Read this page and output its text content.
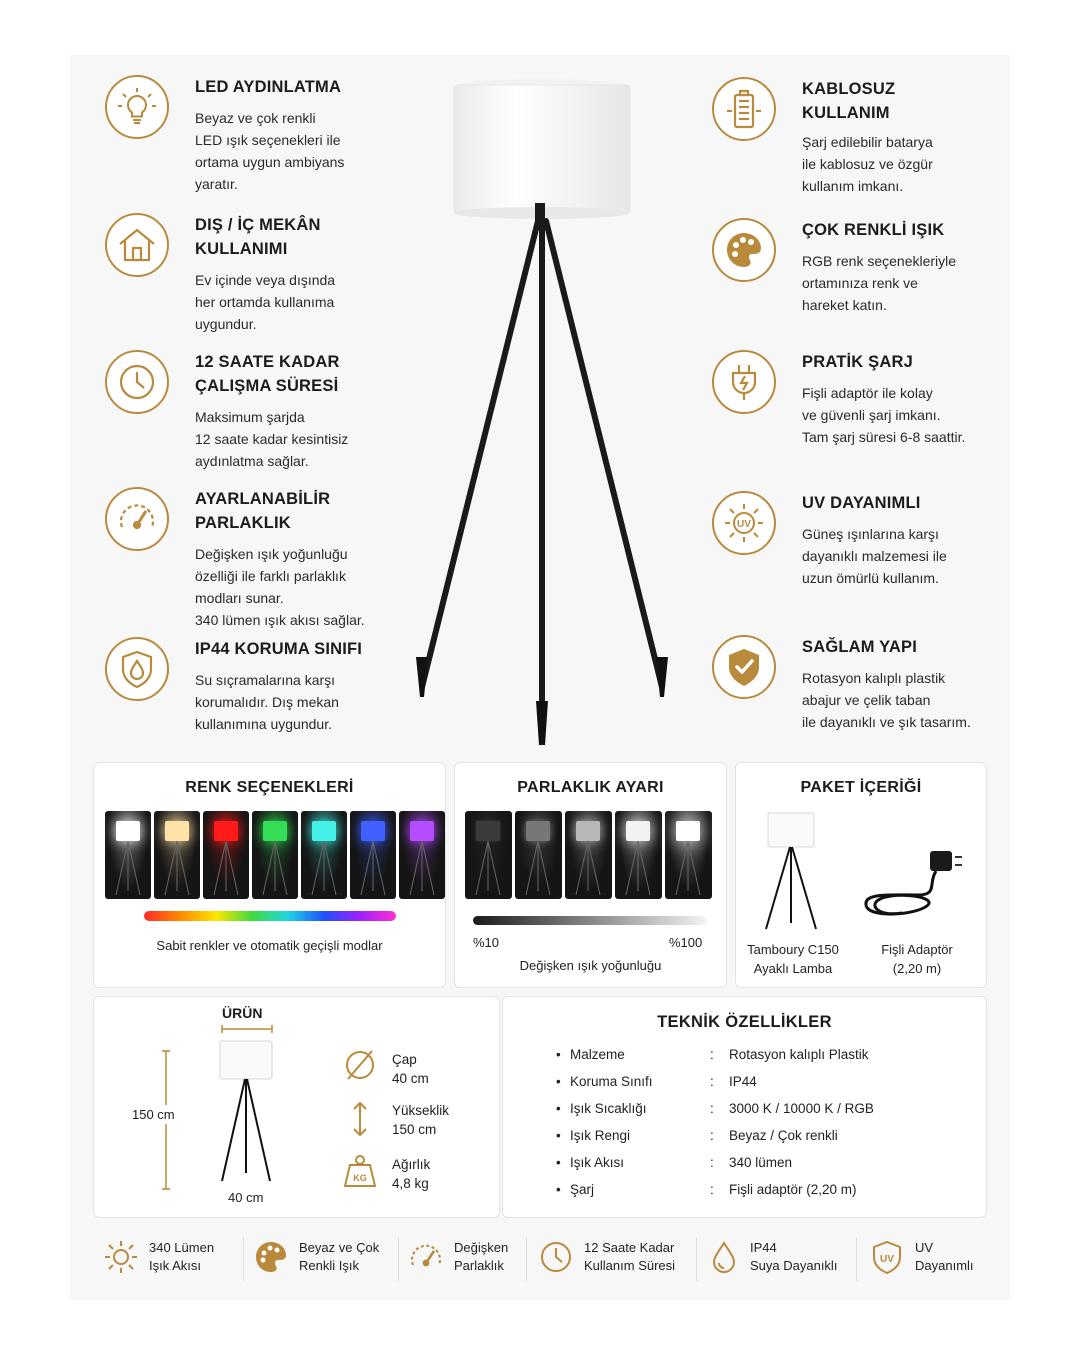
LED AYDINLATMA
Beyaz ve çok renkli
LED ışık seçenekleri ile
ortama uygun ambiyans
yaratır.
DIŞ / İÇ MEKÂN
KULLANIMI
Ev içinde veya dışında
her ortamda kullanıma
uygundur.
12 SAATE KADAR
ÇALIŞMA SÜRESİ
Maksimum şarjda
12 saate kadar kesintisiz
aydınlatma sağlar.
AYARLANABİLİR
PARLAKLIK
Değişken ışık yoğunluğu
özelliği ile farklı parlaklık
modları sunar.
340 lümen ışık akısı sağlar.
IP44 KORUMA SINIFI
Su sıçramalarına karşı
korumalıdır. Dış mekan
kullanımına uygundur.
KABLOSUZ
KULLANIM
Şarj edilebilir batarya
ile kablosuz ve özgür
kullanım imkanı.
ÇOK RENKLİ IŞIK
RGB renk seçenekleriyle
ortamınıza renk ve
hareket katın.
PRATİK ŞARJ
Fişli adaptör ile kolay
ve güvenli şarj imkanı.
Tam şarj süresi 6-8 saattir.
UV
UV DAYANIMLI
Güneş ışınlarına karşı
dayanıklı malzemesi ile
uzun ömürlü kullanım.
SAĞLAM YAPI
Rotasyon kalıplı plastik
abajur ve çelik taban
ile dayanıklı ve şık tasarım.
RENK SEÇENEKLERİ
Sabit renkler ve otomatik geçişli modlar
PARLAKLIK AYARI
%10	%100
Değişken ışık yoğunluğu
PAKET İÇERİĞİ
Tamboury C150
Ayaklı Lamba
Fişli Adaptör
(2,20 m)
ÜRÜN
150 cm
40 cm
Çap
40 cm
Yükseklik
150 cm
KG
Ağırlık
4,8 kg
TEKNİK ÖZELLİKLER
• Malzeme	: Rotasyon kalıplı Plastik
• Koruma Sınıfı	: IP44
• Işık Sıcaklığı	: 3000 K / 10000 K / RGB
• Işık Rengi	: Beyaz / Çok renkli
• Işık Akısı	: 340 lümen
• Şarj	: Fişli adaptör (2,20 m)
340 Lümen
Işık Akısı
Beyaz ve Çok
Renkli Işık
Değişken
Parlaklık
12 Saate Kadar
Kullanım Süresi
IP44
Suya Dayanıklı	UV
UV
Dayanımlı
